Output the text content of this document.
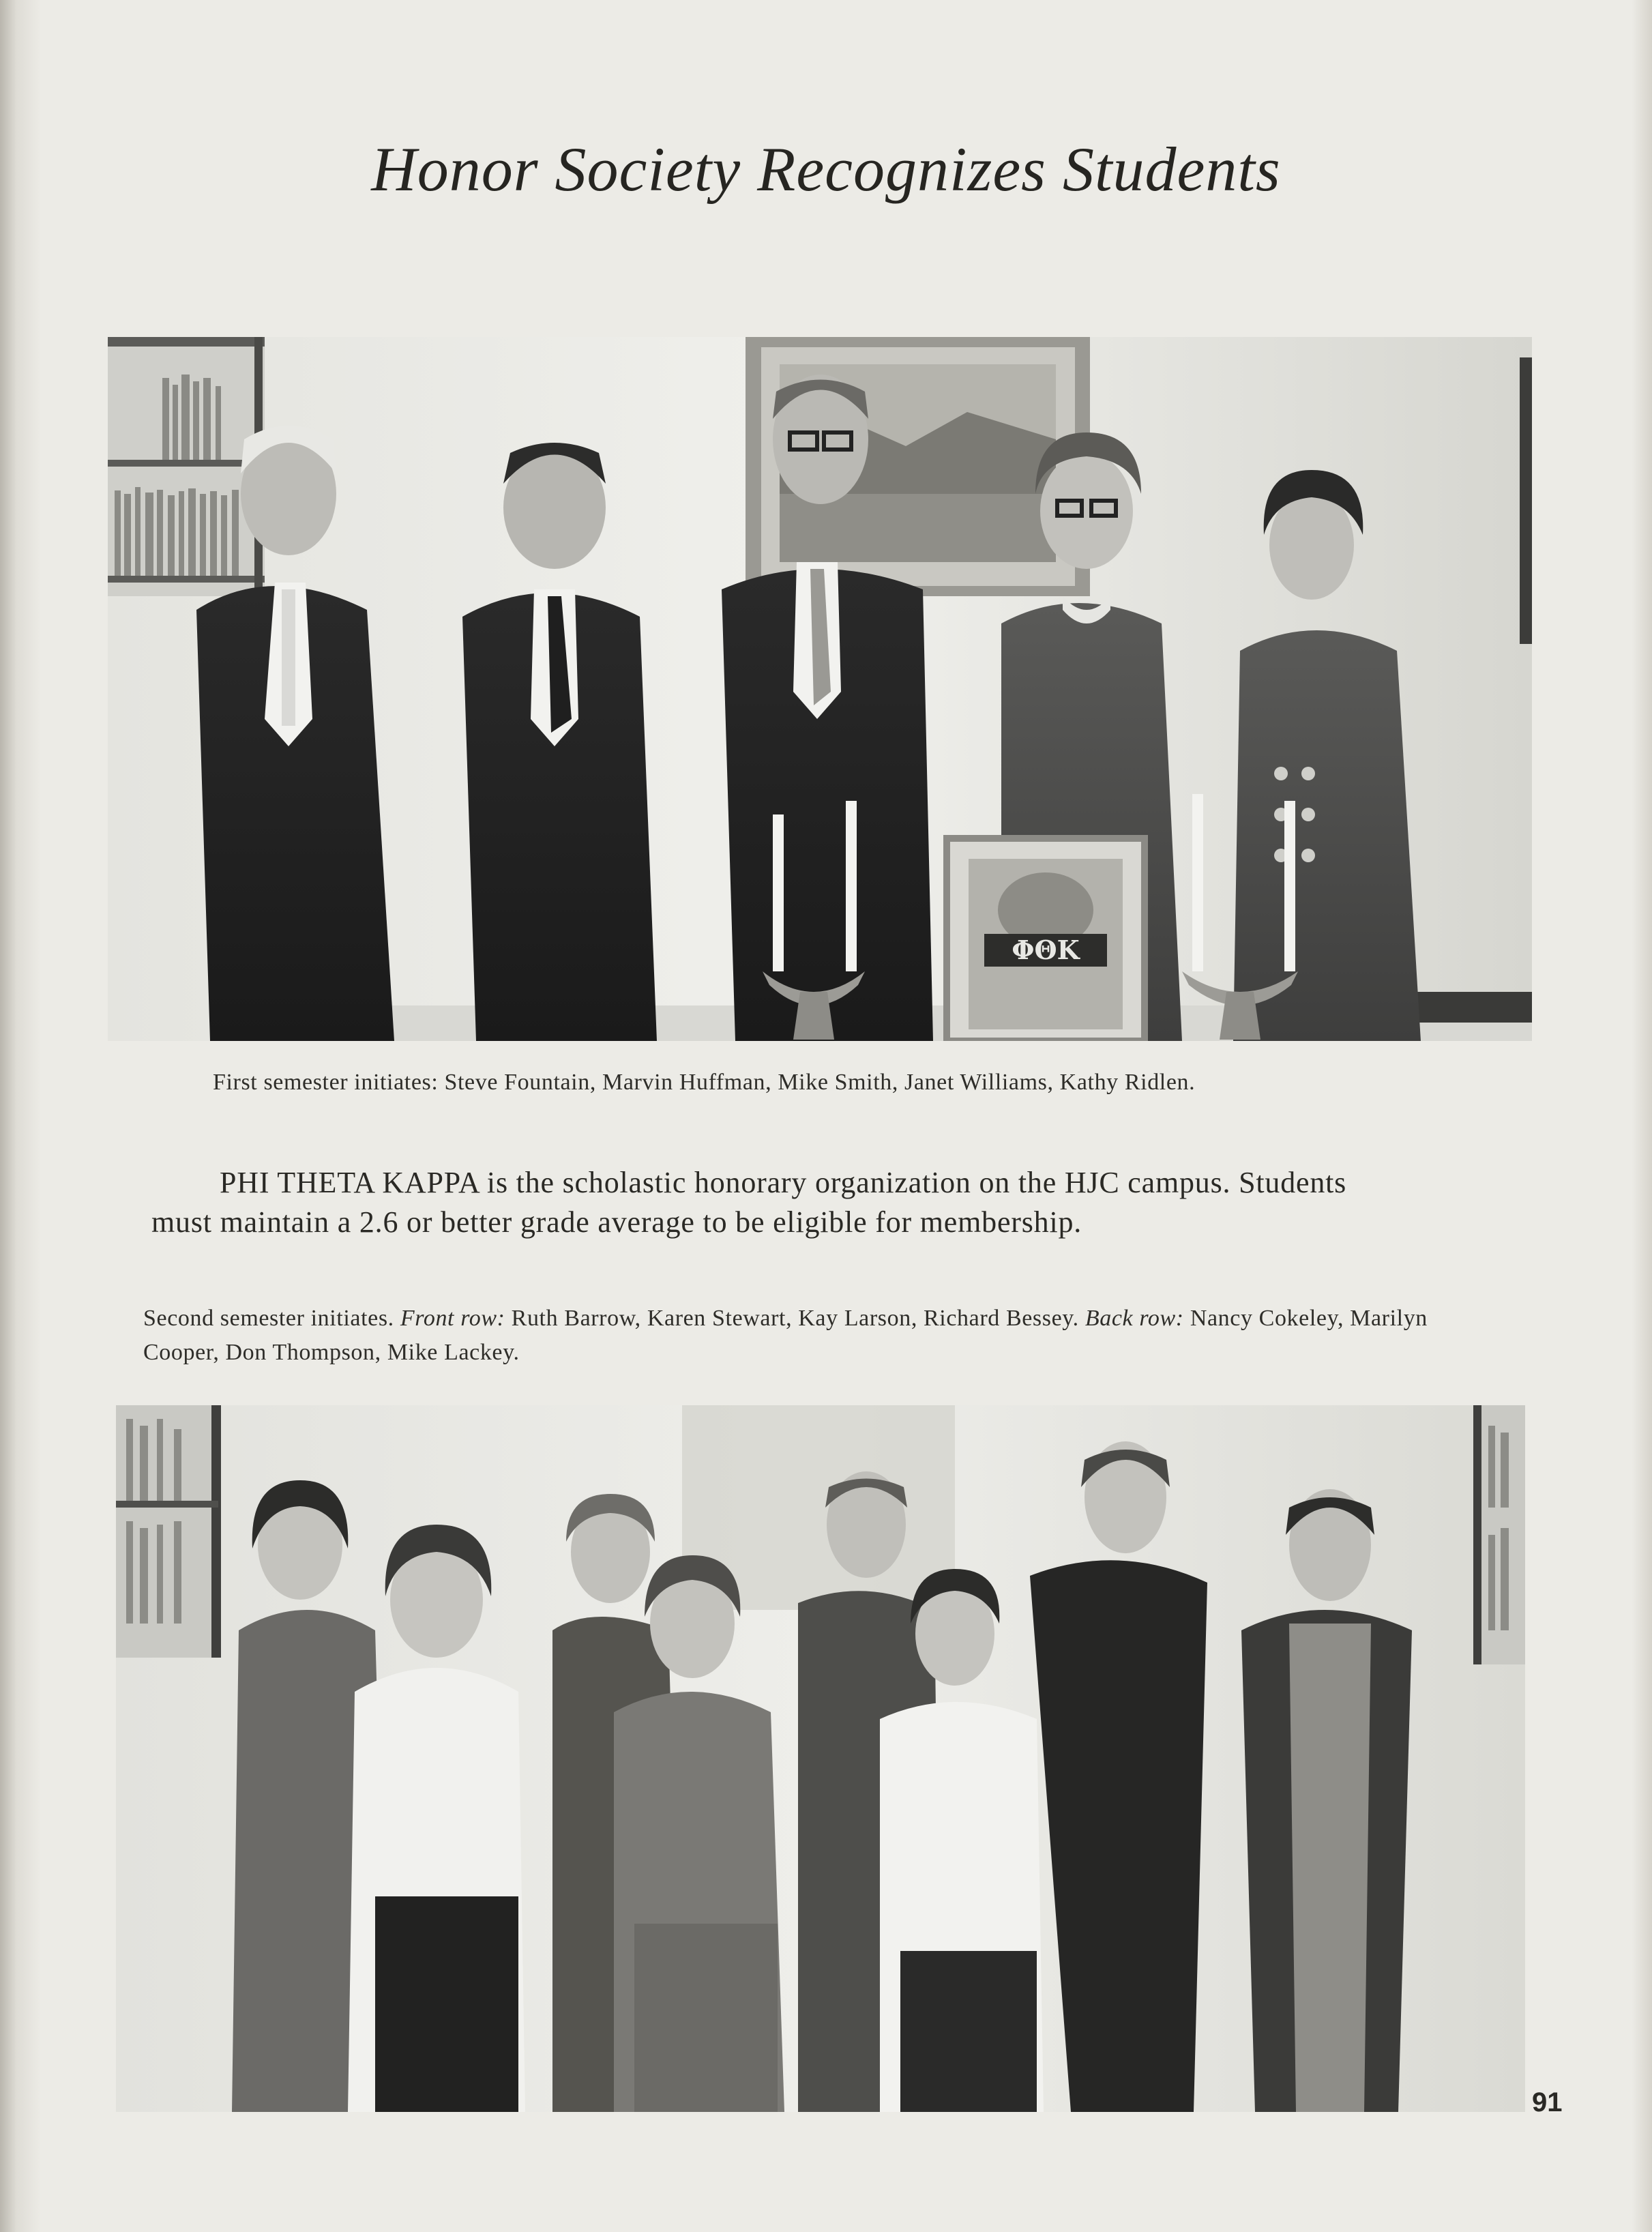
Honor Society Recognizes Students
ΦΘΚ
First semester initiates: Steve Fountain, Marvin Huffman, Mike Smith, Janet Williams, Kathy Ridlen.
PHI THETA KAPPA is the scholastic honorary organization on the HJC campus. Students
must maintain a 2.6 or better grade average to be eligible for membership.
Second semester initiates. Front row: Ruth Barrow, Karen Stewart, Kay Larson, Richard Bessey. Back row: Nancy Cokeley, Marilyn Cooper, Don Thompson, Mike Lackey.
91
